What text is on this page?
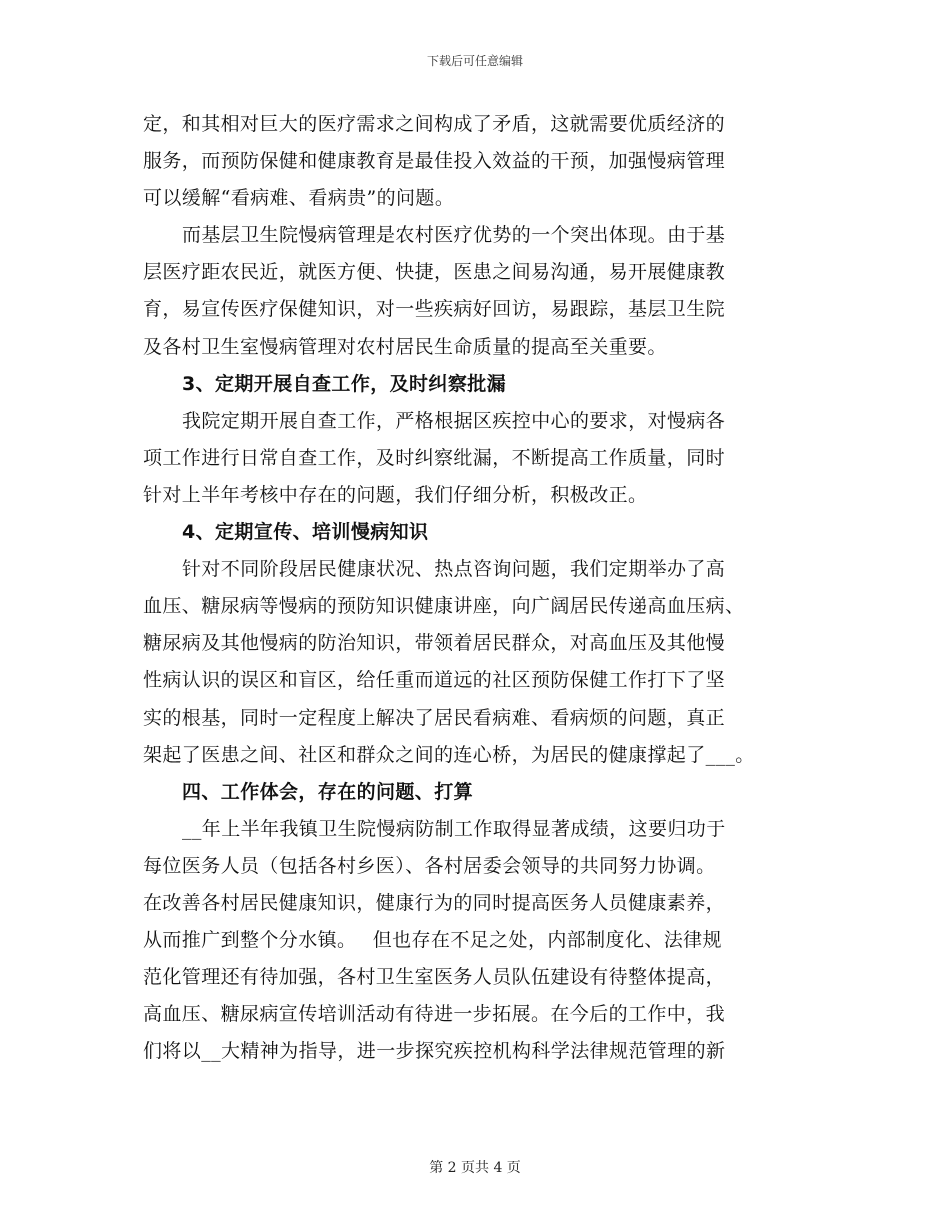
下载后可任意编辑
定，和其相对巨大的医疗需求之间构成了矛盾，这就需要优质经济的
服务，而预防保健和健康教育是最佳投入效益的干预，加强慢病管理
可以缓解“看病难、看病贵”的问题。
而基层卫生院慢病管理是农村医疗优势的一个突出体现。由于基
层医疗距农民近，就医方便、快捷，医患之间易沟通，易开展健康教
育，易宣传医疗保健知识，对一些疾病好回访，易跟踪，基层卫生院
及各村卫生室慢病管理对农村居民生命质量的提高至关重要。
3、定期开展自查工作，及时纠察批漏
我院定期开展自查工作，严格根据区疾控中心的要求，对慢病各
项工作进行日常自查工作，及时纠察纰漏，不断提高工作质量，同时
针对上半年考核中存在的问题，我们仔细分析，积极改正。
4、定期宣传、培训慢病知识
针对不同阶段居民健康状况、热点咨询问题，我们定期举办了高
血压、糖尿病等慢病的预防知识健康讲座，向广阔居民传递高血压病、
糖尿病及其他慢病的防治知识，带领着居民群众，对高血压及其他慢
性病认识的误区和盲区，给任重而道远的社区预防保健工作打下了坚
实的根基，同时一定程度上解决了居民看病难、看病烦的问题，真正
架起了医患之间、社区和群众之间的连心桥，为居民的健康撑起了___。
四、工作体会，存在的问题、打算
__年上半年我镇卫生院慢病防制工作取得显著成绩，这要归功于
每位医务人员（包括各村乡医）、各村居委会领导的共同努力协调。
在改善各村居民健康知识，健康行为的同时提高医务人员健康素养，
从而推广到整个分水镇。　 但也存在不足之处，内部制度化、法律规
范化管理还有待加强，各村卫生室医务人员队伍建设有待整体提高，
高血压、糖尿病宣传培训活动有待进一步拓展。在今后的工作中，我
们将以__大精神为指导，进一步探究疾控机构科学法律规范管理的新
第 2 页共 4 页
